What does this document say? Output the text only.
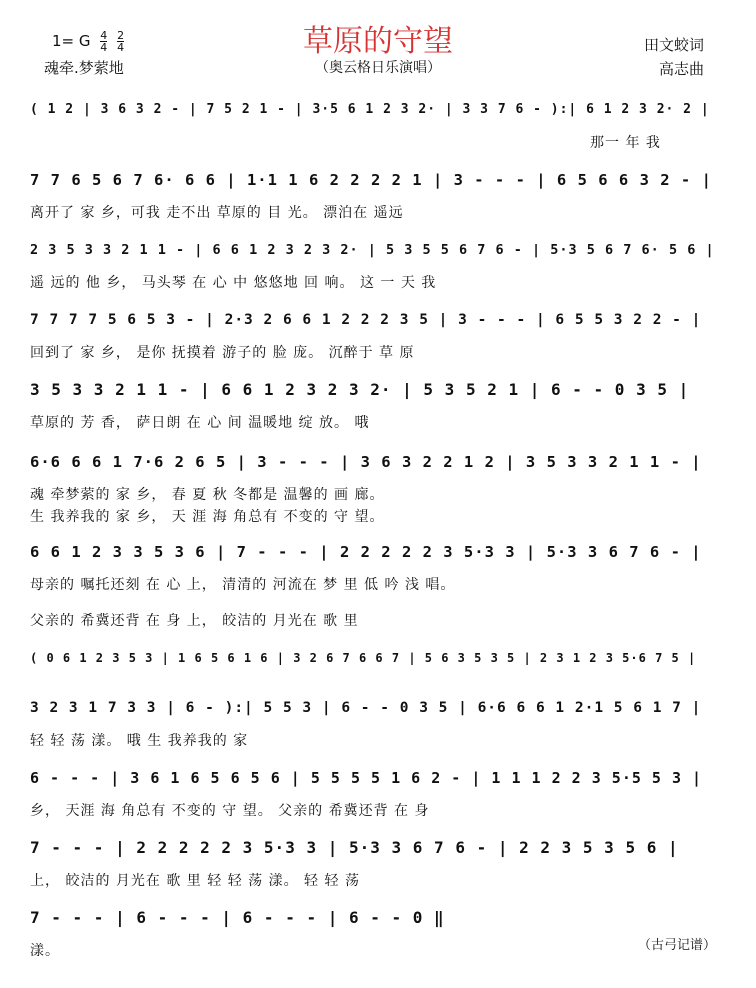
草原的守望
1= G $\frac{4}{4}$
$\frac{2}{4}$
魂牵.梦萦地	（奥云格日乐演唱）
田文蛟词
高志曲
( 1 2 | 3 6 3 2 - | 7 5 2 1 - | 3·5 6 1 2 3 2· | 3 3 7 6 - ):| 6 1 2 3 2· 2 |
那一 年 我
7 7 6 5 6 7 6· 6 6 | 1·1 1 6 2 2 2 2 1 | 3 - - - | 6 5 6 6 3 2 - |
离开了 家 乡，可我 走不出 草原的 目 光。 漂泊在 遥远
2 3 5 3 3 2 1 1 - | 6 6 1 2 3 2 3 2· | 5 3 5 5 6 7 6 - | 5·3 5 6 7 6· 5 6 |
遥 远的 他 乡， 马头琴 在 心 中 悠悠地 回 响。 这 一 天 我
7 7 7 7 5 6 5 3 - | 2·3 2 6 6 1 2 2 2 3 5 | 3 - - - | 6 5 5 3 2 2 - |
回到了 家 乡， 是你 抚摸着 游子的 脸 庞。 沉醉于 草 原
3 5 3 3 2 1 1 - | 6 6 1 2 3 2 3 2· | 5 3 5 2 1 | 6 - - 0 3 5 |
草原的 芳 香， 萨日朗 在 心 间 温暖地 绽 放。 哦
6·6 6 6 1 7·6 2 6 5 | 3 - - - | 3 6 3 2 2 1 2 | 3 5 3 3 2 1 1 - |
魂 牵梦萦的 家 乡， 春 夏 秋 冬都是 温馨的 画 廊。
生 我养我的 家 乡， 天 涯 海 角总有 不变的 守 望。
6 6 1 2 3 3 5 3 6 | 7 - - - | 2 2 2 2 2 3 5·3 3 | 5·3 3 6 7 6 - |
母亲的 嘱托还刻 在 心 上， 清清的 河流在 梦 里 低 吟 浅 唱。
父亲的 希冀还背 在 身 上， 皎洁的 月光在 歌 里
( 0 6 1 2 3 5 3 | 1 6 5 6 1 6 | 3 2 6 7 6 6 7 | 5 6 3 5 3 5 | 2 3 1 2 3 5·6 7 5 |
3 2 3 1 7 3 3 | 6 - ):| 5 5 3 | 6 - - 0 3 5 | 6·6 6 6 1 2·1 5 6 1 7 |
轻 轻 荡 漾。 哦 生 我养我的 家
6 - - - | 3 6 1 6 5 6 5 6 | 5 5 5 5 1 6 2 - | 1 1 1 2 2 3 5·5 5 3 |
乡， 天涯 海 角总有 不变的 守 望。 父亲的 希冀还背 在 身
7 - - - | 2 2 2 2 2 3 5·3 3 | 5·3 3 6 7 6 - | 2 2 3 5 3 5 6 |
上， 皎洁的 月光在 歌 里 轻 轻 荡 漾。 轻 轻 荡
7 - - - | 6 - - - | 6 - - - | 6 - - 0 ‖
漾。	（古弓记谱）
